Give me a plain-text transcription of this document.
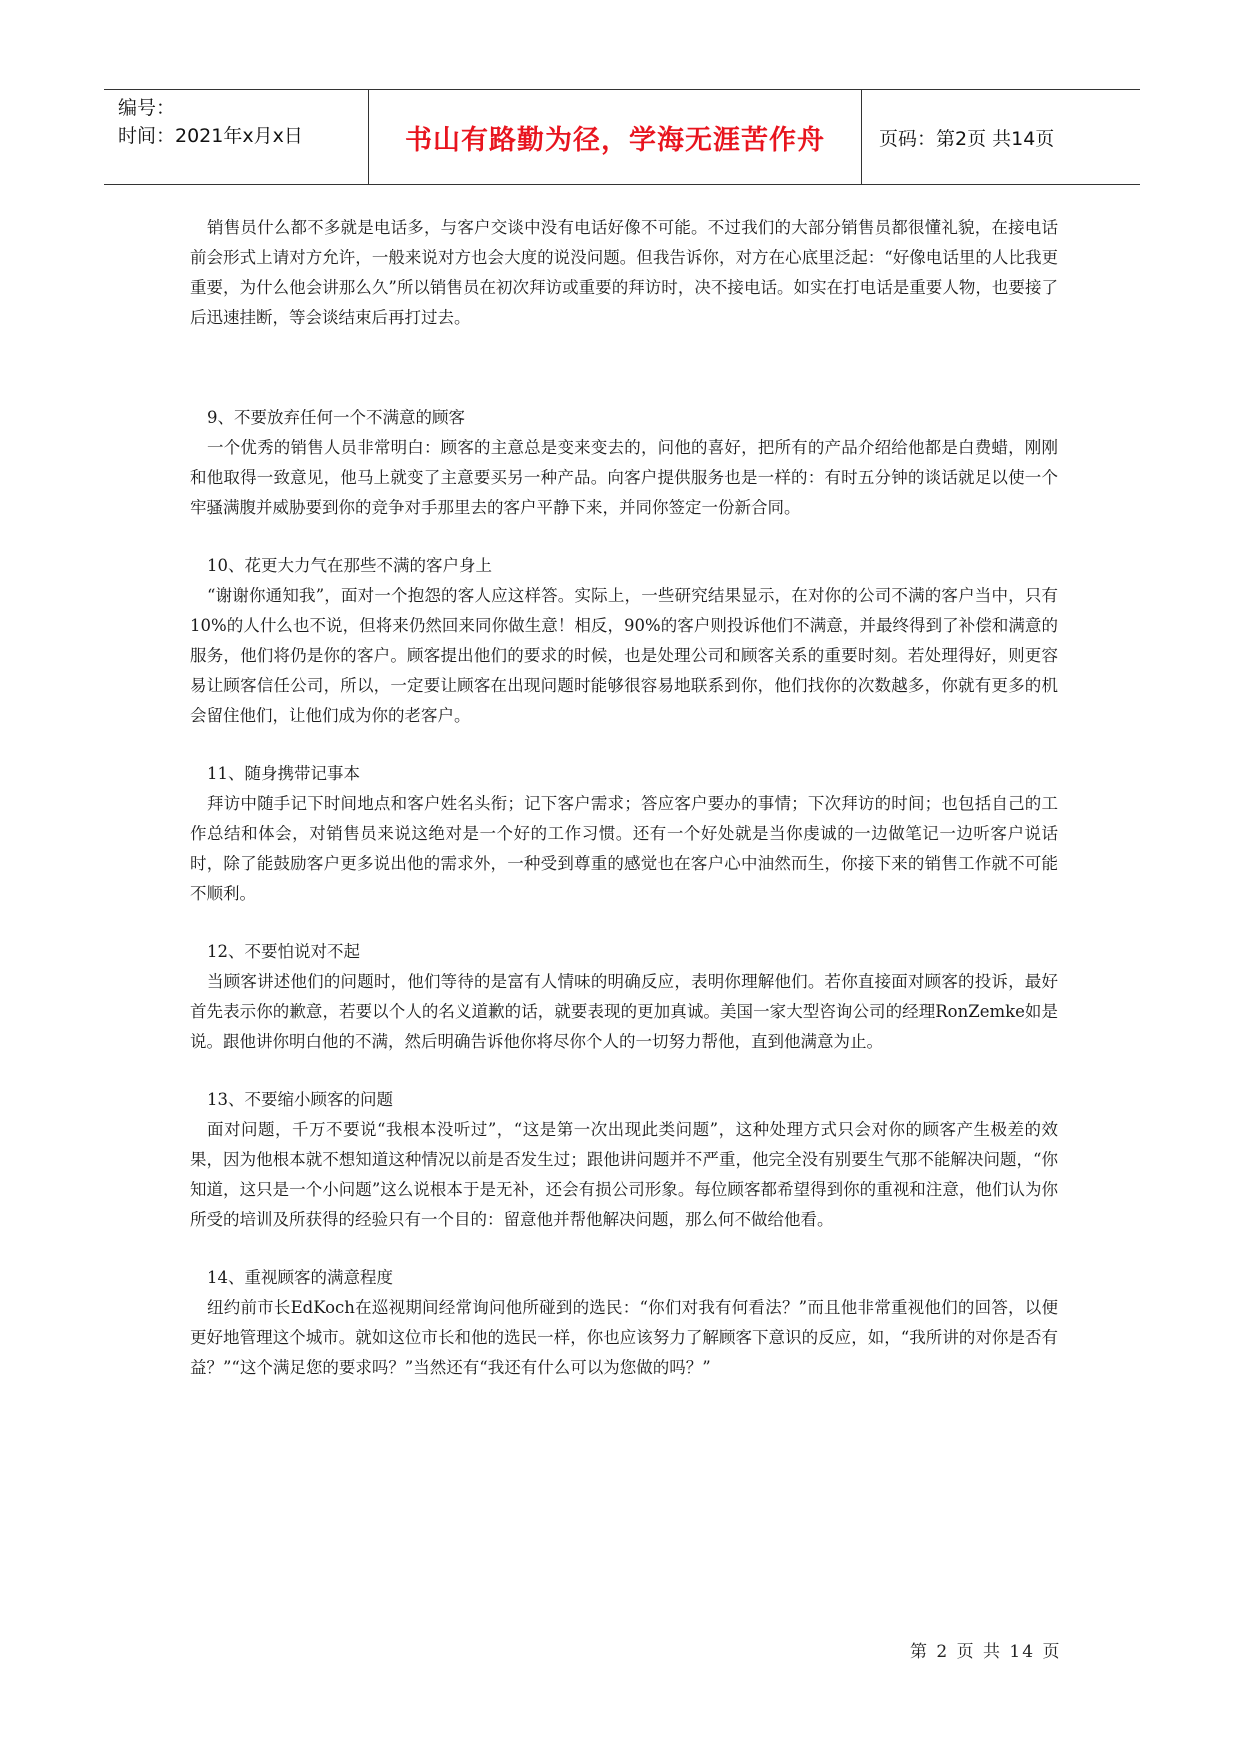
编号：
时间：2021年x月x日	书山有路勤为径，学海无涯苦作舟	页码：第2页 共14页

销售员什么都不多就是电话多，与客户交谈中没有电话好像不可能。不过我们的大部分销售员都很懂礼貌，在接电话前会形式上请对方允许，一般来说对方也会大度的说没问题。但我告诉你，对方在心底里泛起：“好像电话里的人比我更重要，为什么他会讲那么久”所以销售员在初次拜访或重要的拜访时，决不接电话。如实在打电话是重要人物，也要接了后迅速挂断，等会谈结束后再打过去。

9、不要放弃任何一个不满意的顾客

一个优秀的销售人员非常明白：顾客的主意总是变来变去的，问他的喜好，把所有的产品介绍给他都是白费蜡，刚刚和他取得一致意见，他马上就变了主意要买另一种产品。向客户提供服务也是一样的：有时五分钟的谈话就足以使一个牢骚满腹并威胁要到你的竞争对手那里去的客户平静下来，并同你签定一份新合同。

10、花更大力气在那些不满的客户身上

“谢谢你通知我”，面对一个抱怨的客人应这样答。实际上，一些研究结果显示，在对你的公司不满的客户当中，只有10%的人什么也不说，但将来仍然回来同你做生意！相反，90%的客户则投诉他们不满意，并最终得到了补偿和满意的服务，他们将仍是你的客户。顾客提出他们的要求的时候，也是处理公司和顾客关系的重要时刻。若处理得好，则更容易让顾客信任公司，所以，一定要让顾客在出现问题时能够很容易地联系到你，他们找你的次数越多，你就有更多的机会留住他们，让他们成为你的老客户。

11、随身携带记事本

拜访中随手记下时间地点和客户姓名头衔；记下客户需求；答应客户要办的事情；下次拜访的时间；也包括自己的工作总结和体会，对销售员来说这绝对是一个好的工作习惯。还有一个好处就是当你虔诚的一边做笔记一边听客户说话时，除了能鼓励客户更多说出他的需求外，一种受到尊重的感觉也在客户心中油然而生，你接下来的销售工作就不可能不顺利。

12、不要怕说对不起

当顾客讲述他们的问题时，他们等待的是富有人情味的明确反应，表明你理解他们。若你直接面对顾客的投诉，最好首先表示你的歉意，若要以个人的名义道歉的话，就要表现的更加真诚。美国一家大型咨询公司的经理RonZemke如是说。跟他讲你明白他的不满，然后明确告诉他你将尽你个人的一切努力帮他，直到他满意为止。

13、不要缩小顾客的问题

面对问题，千万不要说“我根本没听过”，“这是第一次出现此类问题”，这种处理方式只会对你的顾客产生极差的效果，因为他根本就不想知道这种情况以前是否发生过；跟他讲问题并不严重，他完全没有别要生气那不能解决问题，“你知道，这只是一个小问题”这么说根本于是无补，还会有损公司形象。每位顾客都希望得到你的重视和注意，他们认为你所受的培训及所获得的经验只有一个目的：留意他并帮他解决问题，那么何不做给他看。

14、重视顾客的满意程度

纽约前市长EdKoch在巡视期间经常询问他所碰到的选民：“你们对我有何看法？”而且他非常重视他们的回答，以便更好地管理这个城市。就如这位市长和他的选民一样，你也应该努力了解顾客下意识的反应，如，“我所讲的对你是否有益？”“这个满足您的要求吗？”当然还有“我还有什么可以为您做的吗？”

第 2 页 共 14 页
